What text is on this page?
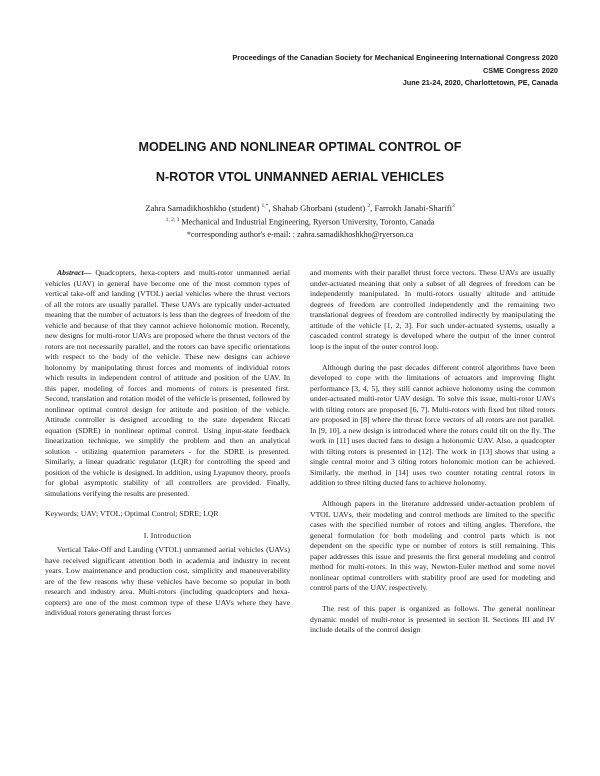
Proceedings of the Canadian Society for Mechanical Engineering International Congress 2020
CSME Congress 2020
June 21-24, 2020, Charlottetown, PE, Canada
MODELING AND NONLINEAR OPTIMAL CONTROL OF
N-ROTOR VTOL UNMANNED AERIAL VEHICLES
Zahra Samadikhoshkho (student) $^{1,*}$, Shahab Ghorbani (student) $^2$, Farrokh Janabi-Sharifi$^3$
$^{1, 2, 3}$ Mechanical and Industrial Engineering, Ryerson University, Toronto, Canada
*corresponding author's e-mail: : zahra.samadikhoshkho@ryerson.ca

Abstract— Quadcopters, hexa-copters and multi-rotor unmanned aerial vehicles (UAV) in general have become one of the most common types of vertical take-off and landing (VTOL) aerial vehicles where the thrust vectors of all the rotors are usually parallel. These UAVs are typically under-actuated meaning that the number of actuators is less than the degrees of freedom of the vehicle and because of that they cannot achieve holonomic motion. Recently, new designs for multi-rotor UAVs are proposed where the thrust vectors of the rotors are not necessarily parallel, and the rotors can have specific orientations with respect to the body of the vehicle. These new designs can achieve holonomy by manipulating thrust forces and moments of individual rotors which results in independent control of attitude and position of the UAV. In this paper, modeling of forces and moments of rotors is presented first. Second, translation and rotation model of the vehicle is presented, followed by nonlinear optimal control design for attitude and position of the vehicle. Attitude controller is designed according to the state dependent Riccati equation (SDRE) in nonlinear optimal control. Using input-state feedback linearization technique, we simplify the problem and then an analytical solution - utilizing quaternion parameters - for the SDRE is presented. Similarly, a linear quadratic regulator (LQR) for controlling the speed and position of the vehicle is designed. In addition, using Lyapunov theory, proofs for global asymptotic stability of all controllers are provided. Finally, simulations verifying the results are presented.

Keywords; UAV; VTOL; Optimal Control; SDRE; LQR

I. Introduction

Vertical Take-Off and Landing (VTOL) unmanned aerial vehicles (UAVs) have received significant attention both in academia and industry in recent years. Low maintenance and production cost, simplicity and maneuverability are of the few reasons why these vehicles have become so popular in both research and industry area. Multi-rotors (including quadcopters and hexa-copters) are one of the most common type of these UAVs where they have individual rotors generating thrust forces

and moments with their parallel thrust force vectors. These UAVs are usually under-actuated meaning that only a subset of all degrees of freedom can be independently manipulated. In multi-rotors usually altitude and attitude degrees of freedom are controlled independently and the remaining two translational degrees of freedom are controlled indirectly by manipulating the attitude of the vehicle [1, 2, 3]. For such under-actuated systems, usually a cascaded control strategy is developed where the output of the inner control loop is the input of the outer control loop.

Although during the past decades different control algorithms have been developed to cope with the limitations of actuators and improving flight performance [3, 4, 5], they still cannot achieve holonomy using the common under-actuated multi-rotor UAV design. To solve this issue, multi-rotor UAVs with tilting rotors are proposed [6, 7]. Multi-rotors with fixed but tilted rotors are proposed in [8] where the thrust force vectors of all rotors are not parallel. In [9, 10], a new design is introduced where the rotors could tilt on the fly. The work in [11] uses ducted fans to design a holonomic UAV. Also, a quadcopter with tilting rotors is presented in [12]. The work in [13] shows that using a single central motor and 3 tilting rotors holonomic motion can be achieved. Similarly, the method in [14] uses two counter rotating central rotors in addition to three tilting ducted fans to achieve holonomy.

Although papers in the literature addressed under-actuation problem of VTOL UAVs, their modeling and control methods are limited to the specific cases with the specified number of rotors and tilting angles. Therefore, the general formulation for both modeling and control parts which is not dependent on the specific type or number of rotors is still remaining. This paper addresses this issue and presents the first general modeling and control method for multi-rotors. In this way, Newton-Euler method and some novel nonlinear optimal controllers with stability proof are used for modeling and control parts of the UAV, respectively.

The rest of this paper is organized as follows. The general nonlinear dynamic model of multi-rotor is presented in section II. Sections III and IV include details of the control design
